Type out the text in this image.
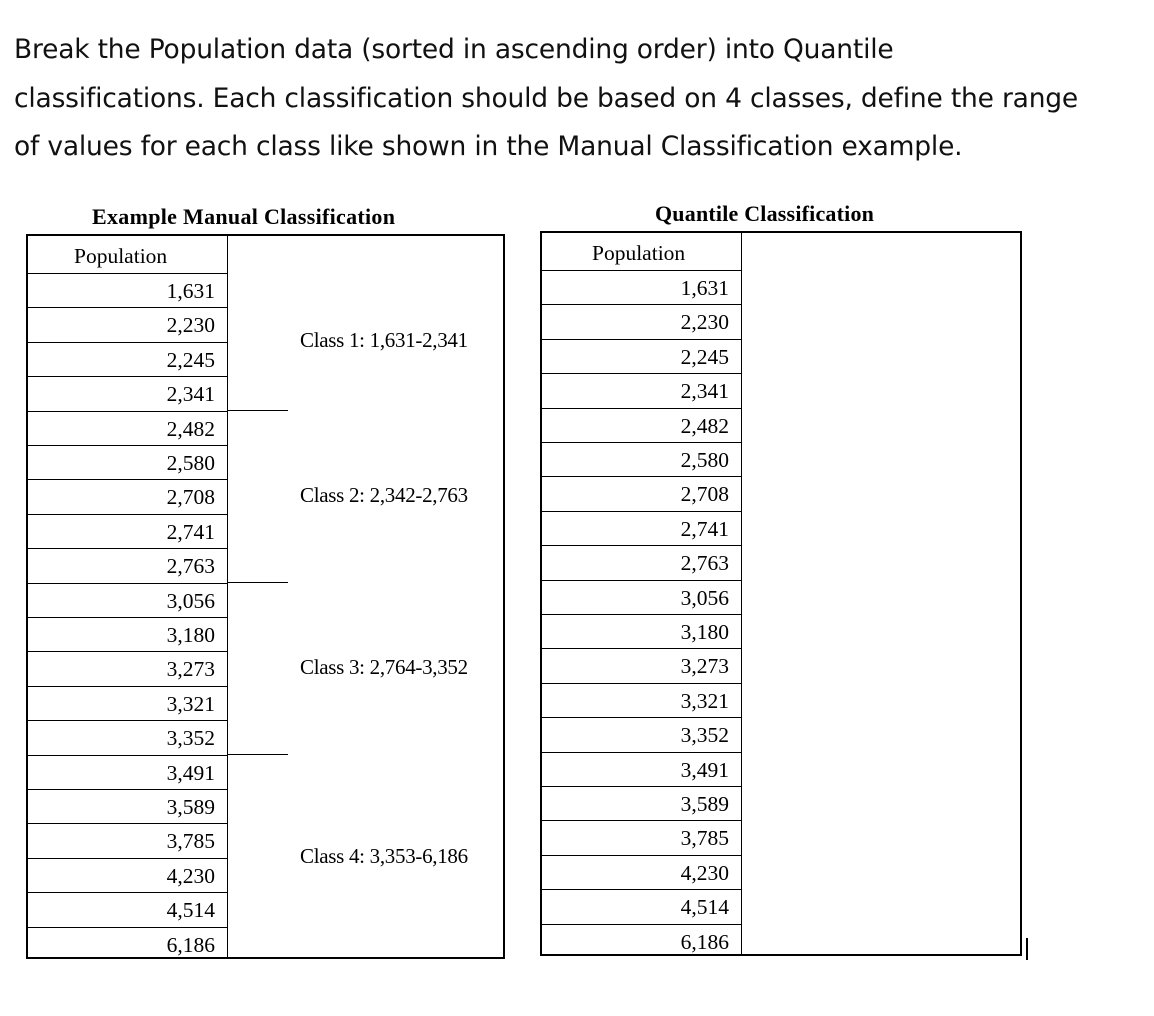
Break the Population data (sorted in ascending order) into Quantile
classifications. Each classification should be based on 4 classes, define the range
of values for each class like shown in the Manual Classification example.
Example Manual Classification
Population
1,631
2,230
2,245
2,341
2,482
2,580
2,708
2,741
2,763
3,056
3,180
3,273
3,321
3,352
3,491
3,589
3,785
4,230
4,514
6,186
Class 1: 1,631-2,341
Class 2: 2,342-2,763
Class 3: 2,764-3,352
Class 4: 3,353-6,186
Quantile Classification
Population
1,631
2,230
2,245
2,341
2,482
2,580
2,708
2,741
2,763
3,056
3,180
3,273
3,321
3,352
3,491
3,589
3,785
4,230
4,514
6,186
